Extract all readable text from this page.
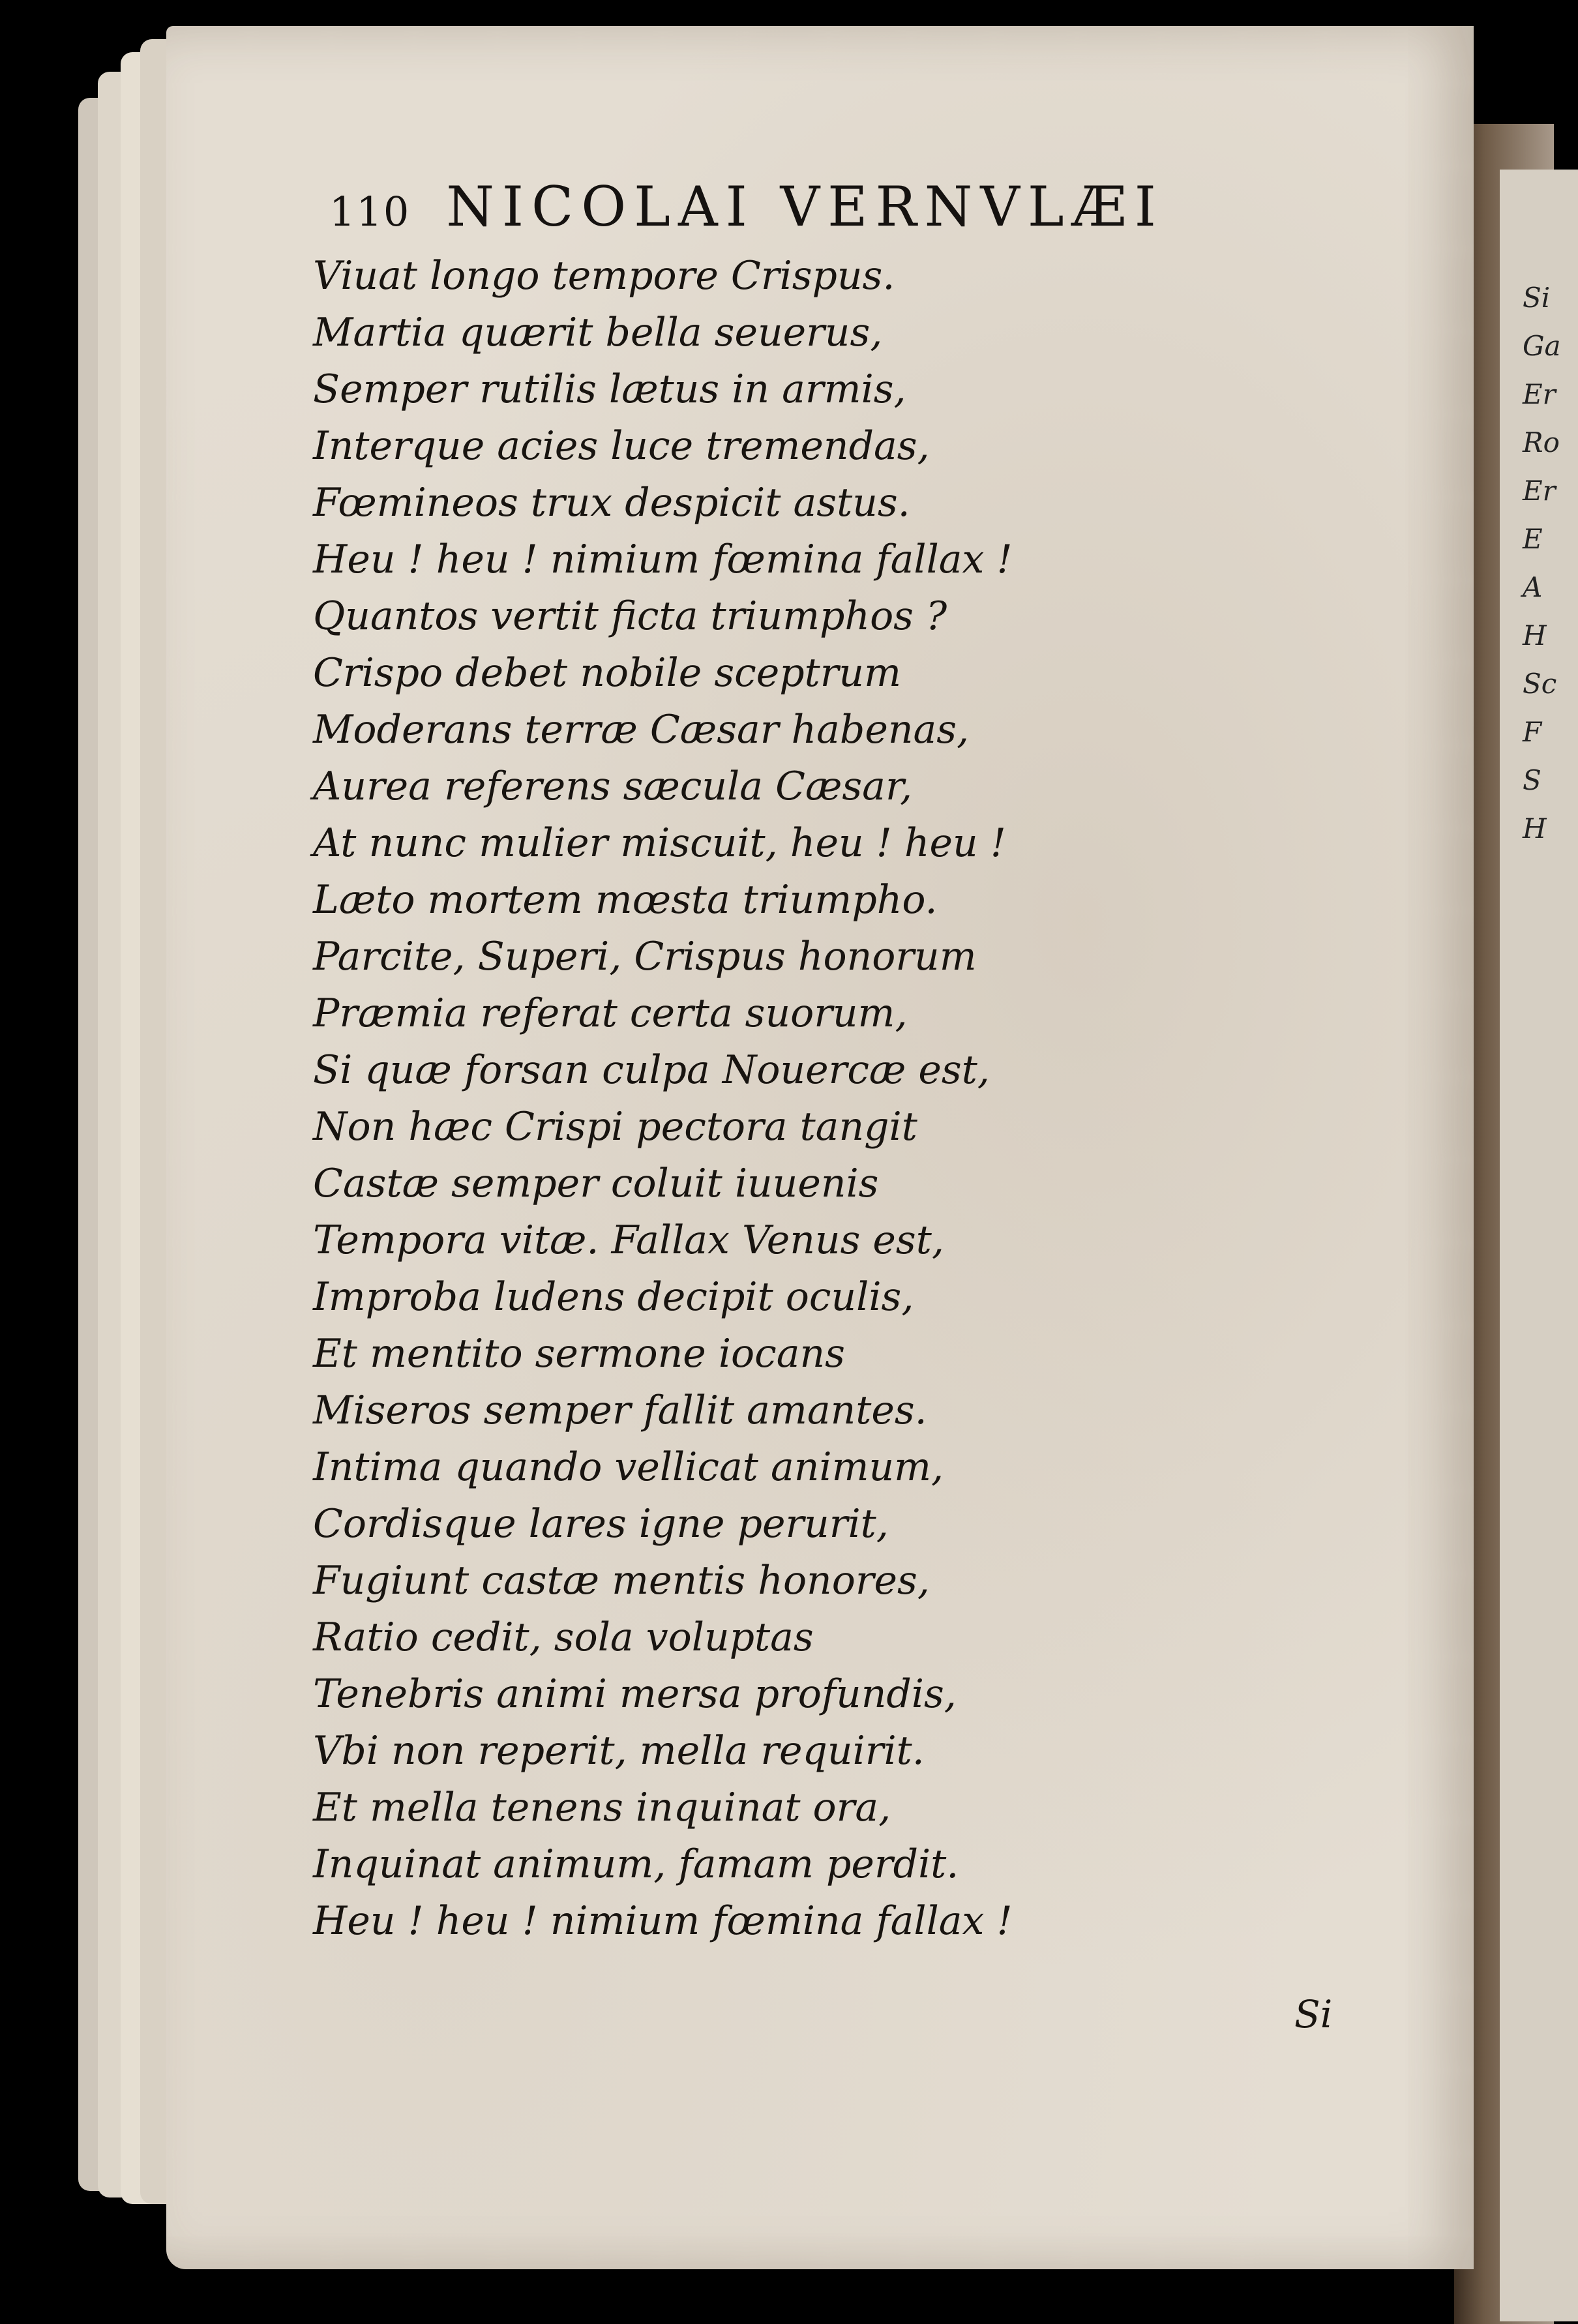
Si
Ga
Er
Ro
Er
E
A
H
Sc
F
S
H
110 NICOLAI VERNVLÆI
Viuat longo tempore Crispus.
Martia quærit bella seuerus,
Semper rutilis lætus in armis,
Interque acies luce tremendas,
Fœmineos trux despicit astus.
Heu ! heu ! nimium fœmina fallax !
Quantos vertit ficta triumphos ?
Crispo debet nobile sceptrum
Moderans terræ Cæsar habenas,
Aurea referens sæcula Cæsar,
At nunc mulier miscuit, heu ! heu !
Læto mortem mœsta triumpho.
Parcite, Superi, Crispus honorum
Præmia referat certa suorum,
Si quæ forsan culpa Nouercæ est,
Non hæc Crispi pectora tangit
Castæ semper coluit iuuenis
Tempora vitæ. Fallax Venus est,
Improba ludens decipit oculis,
Et mentito sermone iocans
Miseros semper fallit amantes.
Intima quando vellicat animum,
Cordisque lares igne perurit,
Fugiunt castæ mentis honores,
Ratio cedit, sola voluptas
Tenebris animi mersa profundis,
Vbi non reperit, mella requirit.
Et mella tenens inquinat ora,
Inquinat animum, famam perdit.
Heu ! heu ! nimium fœmina fallax !

Si
